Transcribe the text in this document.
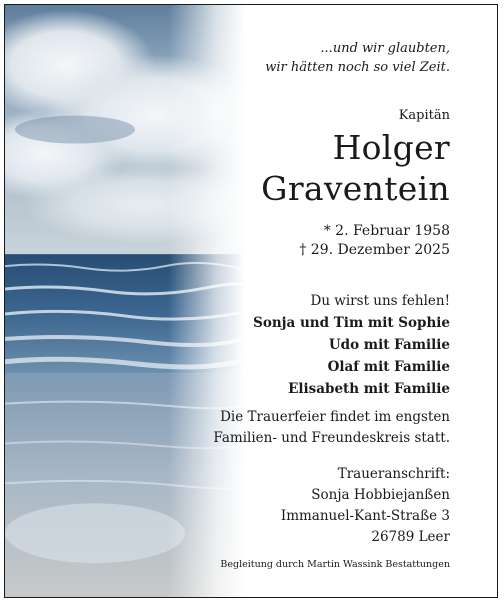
...und wir glaubten,
wir hätten noch so viel Zeit.
Kapitän
Holger
Graventein
* 2. Februar 1958
† 29. Dezember 2025
Du wirst uns fehlen!
Sonja und Tim mit Sophie
Udo mit Familie
Olaf mit Familie
Elisabeth mit Familie
Die Trauerfeier findet im engsten
Familien- und Freundeskreis statt.
Traueranschrift:
Sonja Hobbiejanßen
Immanuel-Kant-Straße 3
26789 Leer
Begleitung durch Martin Wassink Bestattungen
